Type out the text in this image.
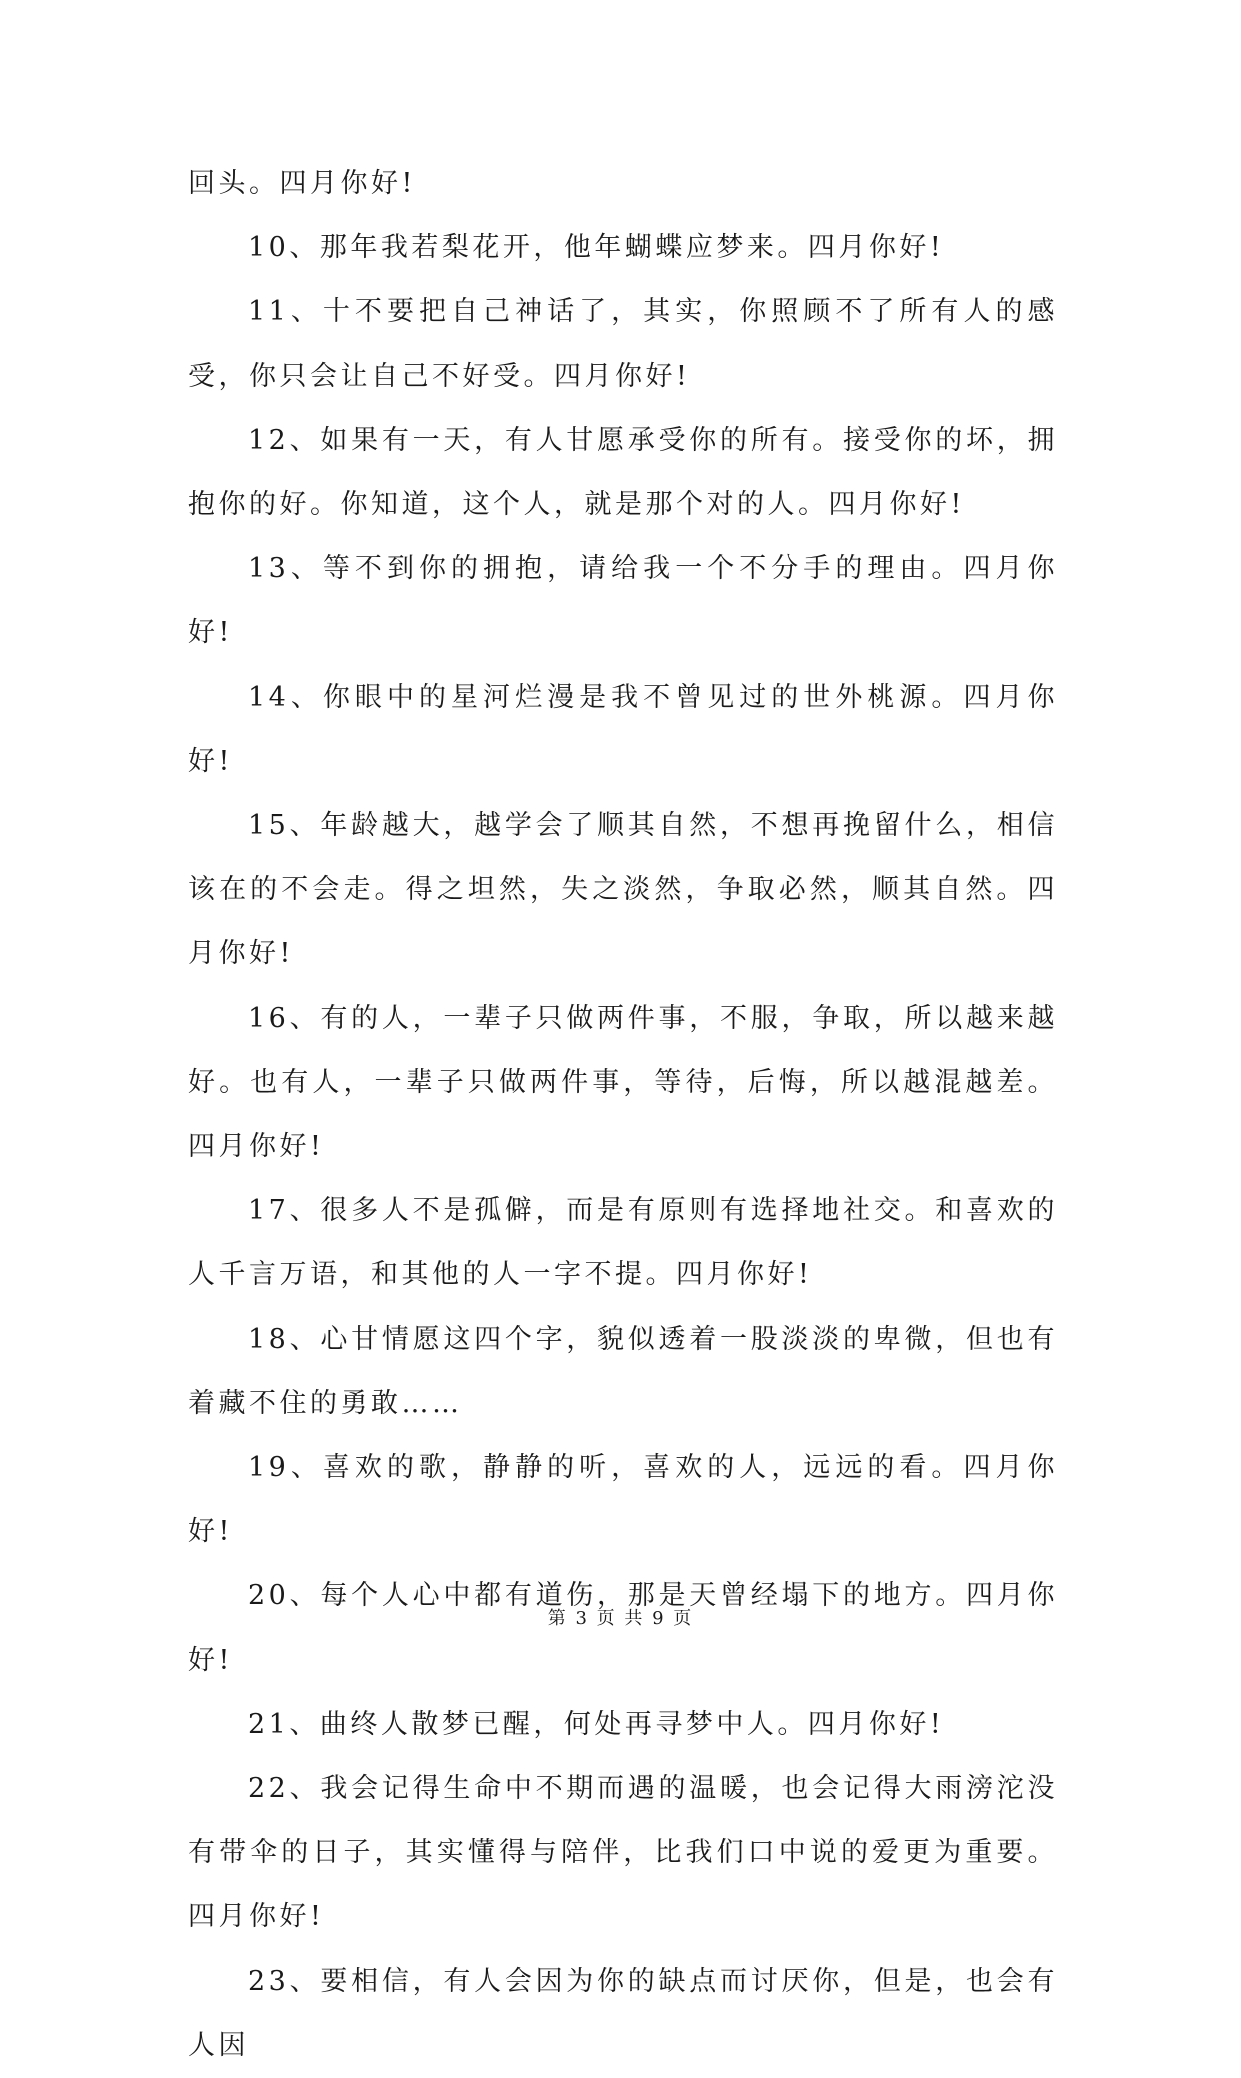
回头。四月你好!

10、那年我若梨花开，他年蝴蝶应梦来。四月你好!

11、十不要把自己神话了，其实，你照顾不了所有人的感受，你只会让自己不好受。四月你好!

12、如果有一天，有人甘愿承受你的所有。接受你的坏，拥抱你的好。你知道，这个人，就是那个对的人。四月你好!

13、等不到你的拥抱，请给我一个不分手的理由。四月你好!

14、你眼中的星河烂漫是我不曾见过的世外桃源。四月你好!

15、年龄越大，越学会了顺其自然，不想再挽留什么，相信该在的不会走。得之坦然，失之淡然，争取必然，顺其自然。四月你好!

16、有的人，一辈子只做两件事，不服，争取，所以越来越好。也有人，一辈子只做两件事，等待，后悔，所以越混越差。四月你好!

17、很多人不是孤僻，而是有原则有选择地社交。和喜欢的人千言万语，和其他的人一字不提。四月你好!

18、心甘情愿这四个字，貌似透着一股淡淡的卑微，但也有着藏不住的勇敢……

19、喜欢的歌，静静的听，喜欢的人，远远的看。四月你好!

20、每个人心中都有道伤，那是天曾经塌下的地方。四月你好!

21、曲终人散梦已醒，何处再寻梦中人。四月你好!

22、我会记得生命中不期而遇的温暖，也会记得大雨滂沱没有带伞的日子，其实懂得与陪伴，比我们口中说的爱更为重要。四月你好!

23、要相信，有人会因为你的缺点而讨厌你，但是，也会有人因

第 3 页 共 9 页
